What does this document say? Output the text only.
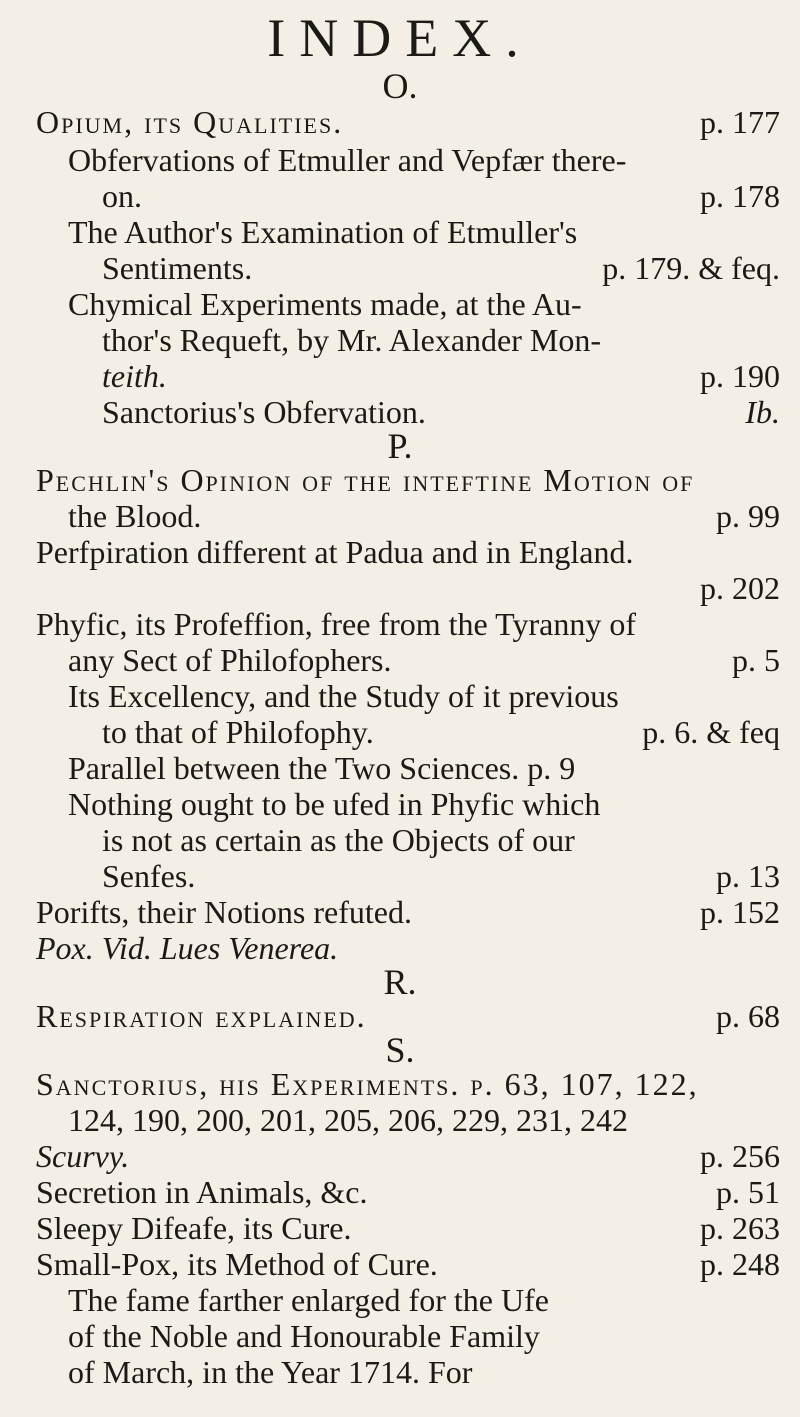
INDEX.
O.
Opium, its Qualities.	p. 177
Obfervations of Etmuller and Vepfær there-
on.	p. 178
The Author's Examination of Etmuller's
Sentiments.	p. 179. & feq.
Chymical Experiments made, at the Au-
thor's Requeft, by Mr. Alexander Mon-
teith.	p. 190
Sanctorius's Obfervation.	Ib.
P.
Pechlin's Opinion of the inteftine Motion of
the Blood.	p. 99
Perfpiration different at Padua and in England.
p. 202
Phyfic, its Profeffion, free from the Tyranny of
any Sect of Philofophers.	p. 5
Its Excellency, and the Study of it previous
to that of Philofophy.	p. 6. & feq
Parallel between the Two Sciences. p. 9
Nothing ought to be ufed in Phyfic which
is not as certain as the Objects of our
Senfes.	p. 13
Porifts, their Notions refuted.	p. 152
Pox. Vid. Lues Venerea.
R.
Respiration explained.	p. 68
S.
Sanctorius, his Experiments. p. 63, 107, 122,
124, 190, 200, 201, 205, 206, 229, 231, 242
Scurvy.	p. 256
Secretion in Animals, &c.	p. 51
Sleepy Difeafe, its Cure.	p. 263
Small-Pox, its Method of Cure.	p. 248
The fame farther enlarged for the Ufe
of the Noble and Honourable Family
of March, in the Year 1714. For
